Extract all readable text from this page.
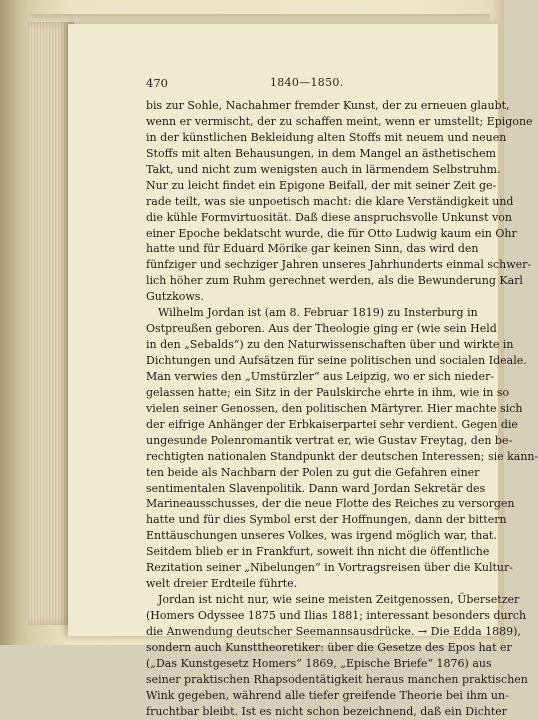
470	1840—1850.
bis zur Sohle, Nachahmer fremder Kunst, der zu erneuen glaubt,
wenn er vermischt, der zu schaffen meint, wenn er umstellt; Epigone
in der künstlichen Bekleidung alten Stoffs mit neuem und neuen
Stoffs mit alten Behausungen, in dem Mangel an ästhetischem
Takt, und nicht zum wenigsten auch in lärmendem Selbstruhm.
Nur zu leicht findet ein Epigone Beifall, der mit seiner Zeit ge-
rade teilt, was sie unpoetisch macht: die klare Verständigkeit und
die kühle Formvirtuosität. Daß diese anspruchsvolle Unkunst von
einer Epoche beklatscht wurde, die für Otto Ludwig kaum ein Ohr
hatte und für Eduard Mörike gar keinen Sinn, das wird den
fünfziger und sechziger Jahren unseres Jahrhunderts einmal schwer-
lich höher zum Ruhm gerechnet werden, als die Bewunderung Karl
Gutzkows.
Wilhelm Jordan ist (am 8. Februar 1819) zu Insterburg in
Ostpreußen geboren. Aus der Theologie ging er (wie sein Held
in den „Sebalds“) zu den Naturwissenschaften über und wirkte in
Dichtungen und Aufsätzen für seine politischen und socialen Ideale.
Man verwies den „Umstürzler“ aus Leipzig, wo er sich nieder-
gelassen hatte; ein Sitz in der Paulskirche ehrte in ihm, wie in so
vielen seiner Genossen, den politischen Märtyrer. Hier machte sich
der eifrige Anhänger der Erbkaiserpartei sehr verdient. Gegen die
ungesunde Polenromantik vertrat er, wie Gustav Freytag, den be-
rechtigten nationalen Standpunkt der deutschen Interessen; sie kann-
ten beide als Nachbarn der Polen zu gut die Gefahren einer
sentimentalen Slavenpolitik. Dann ward Jordan Sekretär des
Marineausschusses, der die neue Flotte des Reiches zu versorgen
hatte und für dies Symbol erst der Hoffnungen, dann der bittern
Enttäuschungen unseres Volkes, was irgend möglich war, that.
Seitdem blieb er in Frankfurt, soweit ihn nicht die öffentliche
Rezitation seiner „Nibelungen“ in Vortragsreisen über die Kultur-
welt dreier Erdteile führte.
Jordan ist nicht nur, wie seine meisten Zeitgenossen, Übersetzer
(Homers Odyssee 1875 und Ilias 1881; interessant besonders durch
die Anwendung deutscher Seemannsausdrücke. → Die Edda 1889),
sondern auch Kunsttheoretiker: über die Gesetze des Epos hat er
(„Das Kunstgesetz Homers“ 1869, „Epische Briefe“ 1876) aus
seiner praktischen Rhapsodentätigkeit heraus manchen praktischen
Wink gegeben, während alle tiefer greifende Theorie bei ihm un-
fruchtbar bleibt. Ist es nicht schon bezeichnend, daß ein Dichter
